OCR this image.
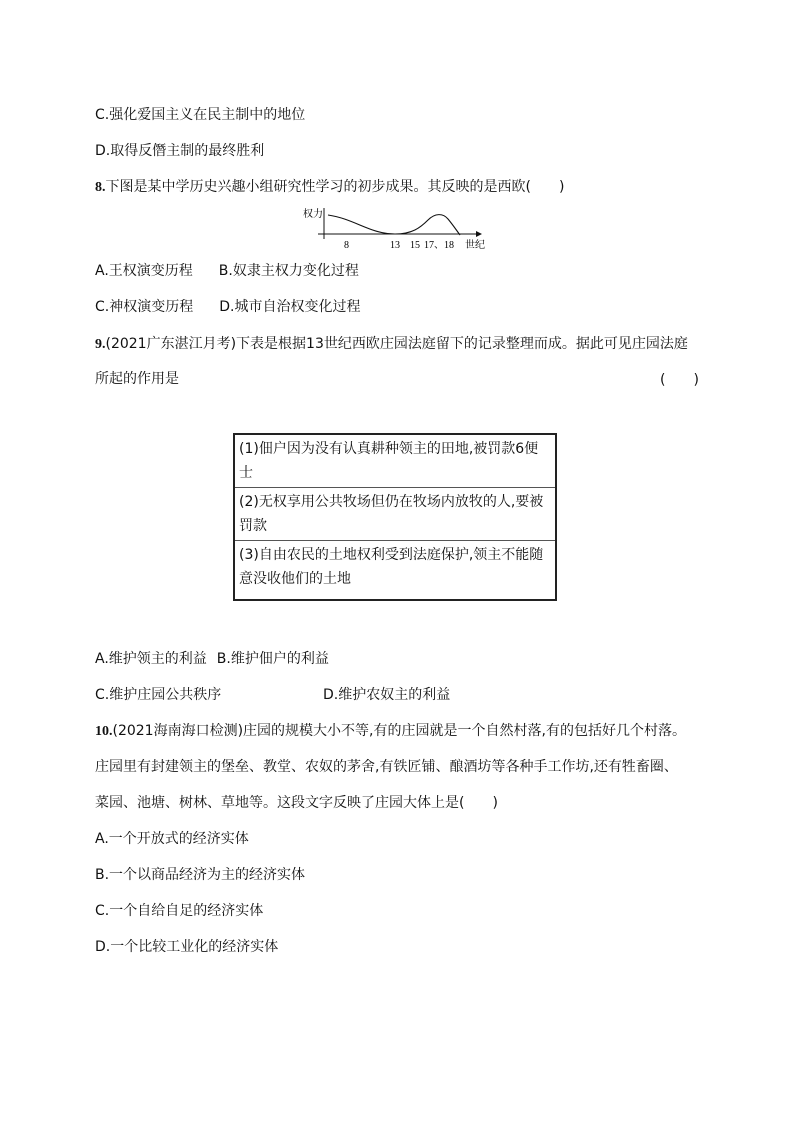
C.强化爱国主义在民主制中的地位
D.取得反僭主制的最终胜利
8.下图是某中学历史兴趣小组研究性学习的初步成果。其反映的是西欧(　　)
权力
8	13 15 17、18 世纪
A.王权演变历程 B.奴隶主权力变化过程
C.神权演变历程 D.城市自治权变化过程
9.(2021广东湛江月考)下表是根据13世纪西欧庄园法庭留下的记录整理而成。据此可见庄园法庭
所起的作用是	(　　)
(1)佃户因为没有认真耕种领主的田地,被罚款6便
士

(2)无权享用公共牧场但仍在牧场内放牧的人,要被
罚款

(3)自由农民的土地权利受到法庭保护,领主不能随
意没收他们的土地
A.维护领主的利益 B.维护佃户的利益
C.维护庄园公共秩序	D.维护农奴主的利益
10.(2021海南海口检测)庄园的规模大小不等,有的庄园就是一个自然村落,有的包括好几个村落。
庄园里有封建领主的堡垒、教堂、农奴的茅舍,有铁匠铺、酿酒坊等各种手工作坊,还有牲畜圈、
菜园、池塘、树林、草地等。这段文字反映了庄园大体上是(　　)
A.一个开放式的经济实体
B.一个以商品经济为主的经济实体
C.一个自给自足的经济实体
D.一个比较工业化的经济实体
